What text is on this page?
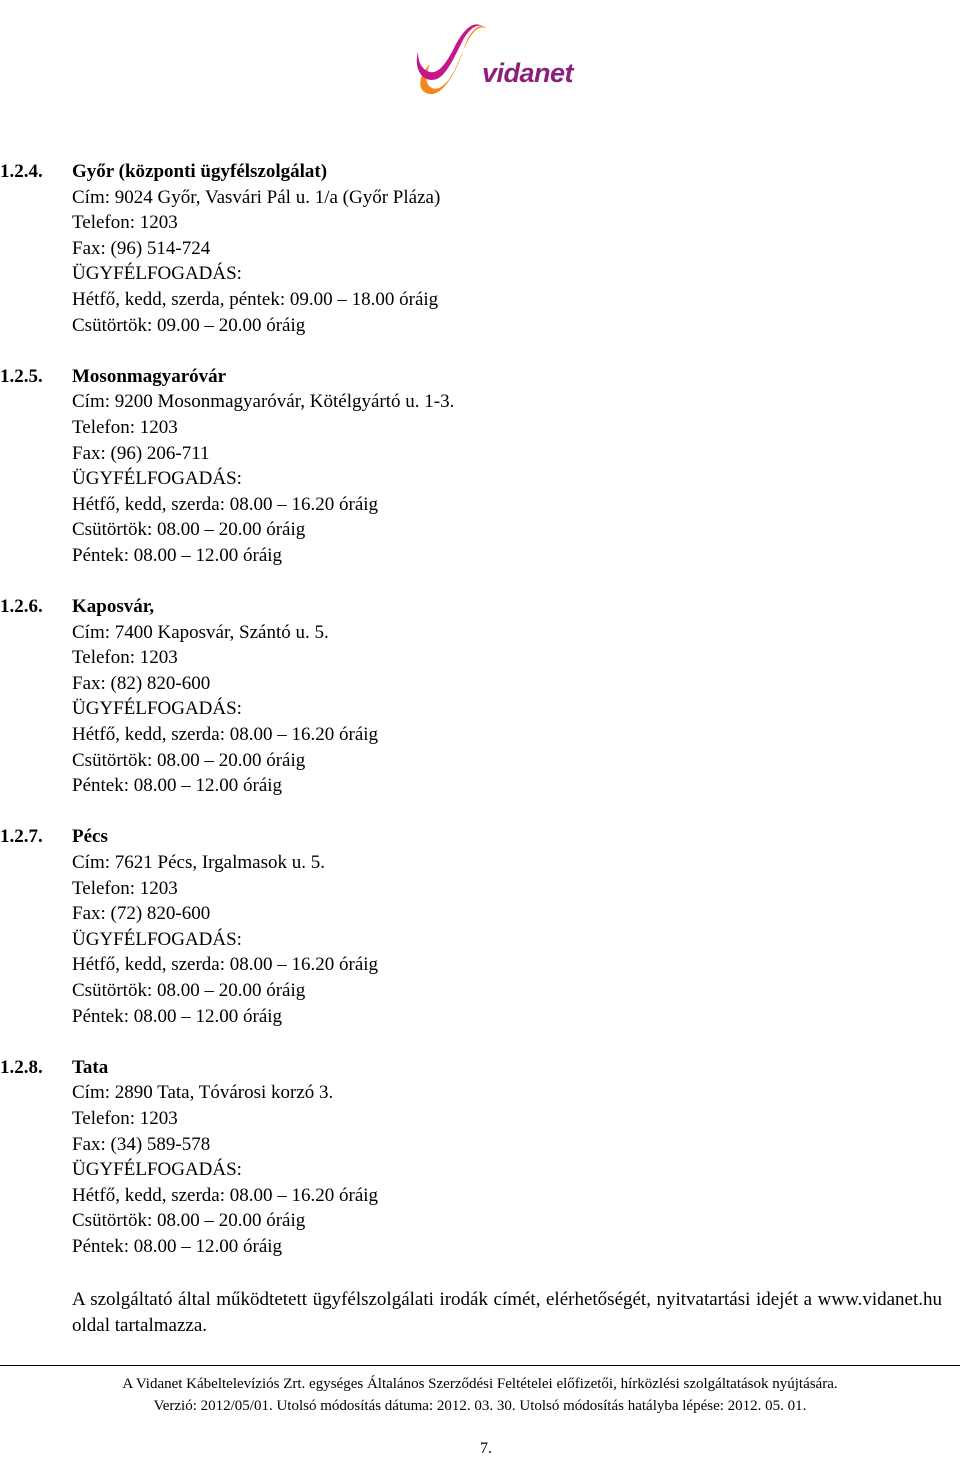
vidanet
1.2.4.	Győr (központi ügyfélszolgálat)
Cím: 9024 Győr, Vasvári Pál u. 1/a (Győr Pláza)
Telefon: 1203
Fax: (96) 514-724
ÜGYFÉLFOGADÁS:
Hétfő, kedd, szerda, péntek: 09.00 – 18.00 óráig
Csütörtök: 09.00 – 20.00 óráig
1.2.5.	Mosonmagyaróvár
Cím: 9200 Mosonmagyaróvár, Kötélgyártó u. 1-3.
Telefon: 1203
Fax: (96) 206-711
ÜGYFÉLFOGADÁS:
Hétfő, kedd, szerda: 08.00 – 16.20 óráig
Csütörtök: 08.00 – 20.00 óráig
Péntek: 08.00 – 12.00 óráig
1.2.6.	Kaposvár,
Cím: 7400 Kaposvár, Szántó u. 5.
Telefon: 1203
Fax: (82) 820-600
ÜGYFÉLFOGADÁS:
Hétfő, kedd, szerda: 08.00 – 16.20 óráig
Csütörtök: 08.00 – 20.00 óráig
Péntek: 08.00 – 12.00 óráig
1.2.7.	Pécs
Cím: 7621 Pécs, Irgalmasok u. 5.
Telefon: 1203
Fax: (72) 820-600
ÜGYFÉLFOGADÁS:
Hétfő, kedd, szerda: 08.00 – 16.20 óráig
Csütörtök: 08.00 – 20.00 óráig
Péntek: 08.00 – 12.00 óráig
1.2.8.	Tata
Cím: 2890 Tata, Tóvárosi korzó 3.
Telefon: 1203
Fax: (34) 589-578
ÜGYFÉLFOGADÁS:
Hétfő, kedd, szerda: 08.00 – 16.20 óráig
Csütörtök: 08.00 – 20.00 óráig
Péntek: 08.00 – 12.00 óráig
A szolgáltató által működtetett ügyfélszolgálati irodák címét, elérhetőségét, nyitvatartási idejét a www.vidanet.hu oldal tartalmazza.
A Vidanet Kábeltelevíziós Zrt. egységes Általános Szerződési Feltételei előfizetői, hírközlési szolgáltatások nyújtására.
Verzió: 2012/05/01. Utolsó módosítás dátuma: 2012. 03. 30. Utolsó módosítás hatályba lépése: 2012. 05. 01.
7.
